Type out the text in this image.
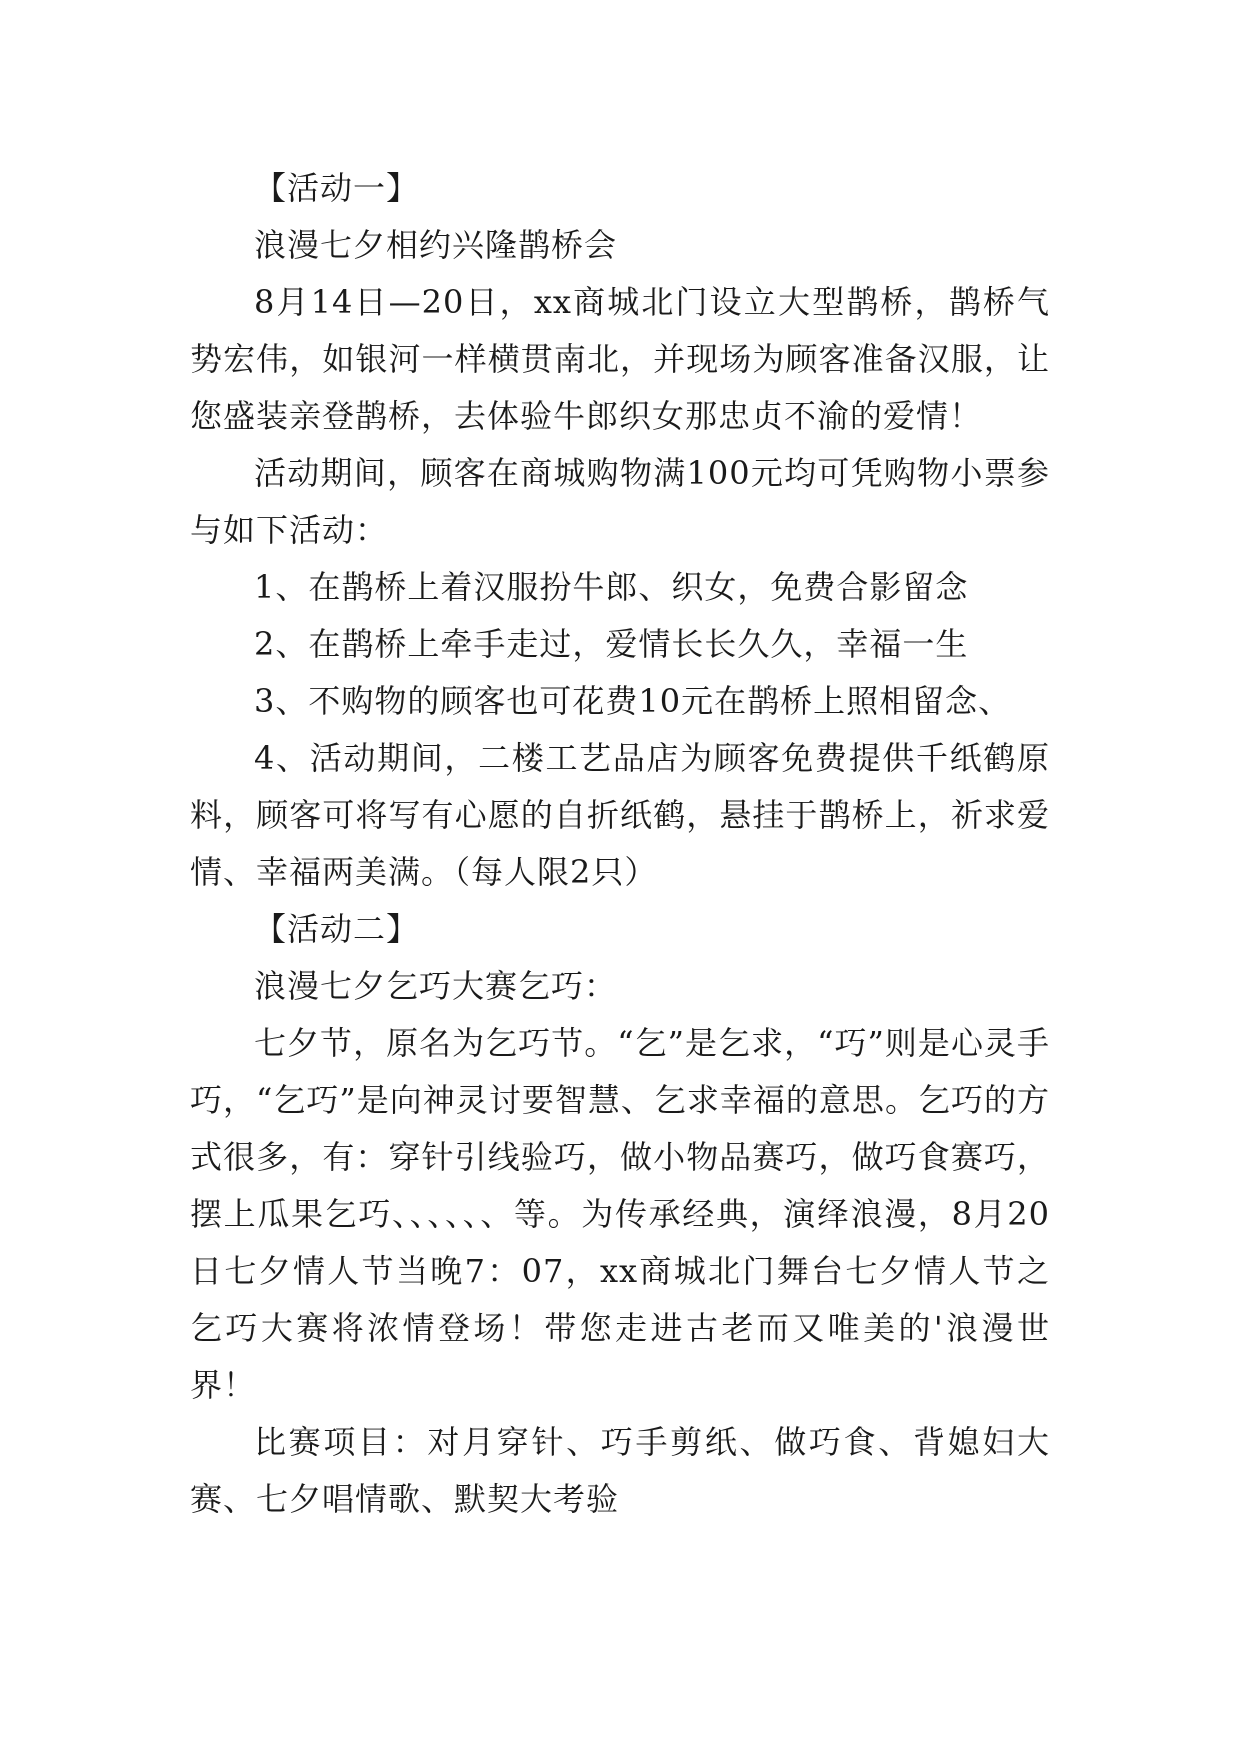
【活动一】

浪漫七夕相约兴隆鹊桥会

8月14日—20日，xx商城北门设立大型鹊桥，鹊桥气势宏伟，如银河一样横贯南北，并现场为顾客准备汉服，让您盛装亲登鹊桥，去体验牛郎织女那忠贞不渝的爱情！

活动期间，顾客在商城购物满100元均可凭购物小票参与如下活动：

1、在鹊桥上着汉服扮牛郎、织女，免费合影留念

2、在鹊桥上牵手走过，爱情长长久久，幸福一生

3、不购物的顾客也可花费10元在鹊桥上照相留念、

4、活动期间，二楼工艺品店为顾客免费提供千纸鹤原料，顾客可将写有心愿的自折纸鹤，悬挂于鹊桥上，祈求爱情、幸福两美满。（每人限2只）

【活动二】

浪漫七夕乞巧大赛乞巧：

七夕节，原名为乞巧节。“乞”是乞求，“巧”则是心灵手巧，“乞巧”是向神灵讨要智慧、乞求幸福的意思。乞巧的方式很多，有：穿针引线验巧，做小物品赛巧，做巧食赛巧，摆上瓜果乞巧、、、、、、等。为传承经典，演绎浪漫，8月20日七夕情人节当晚7：07，xx商城北门舞台七夕情人节之乞巧大赛将浓情登场！带您走进古老而又唯美的'浪漫世界！

比赛项目：对月穿针、巧手剪纸、做巧食、背媳妇大赛、七夕唱情歌、默契大考验
